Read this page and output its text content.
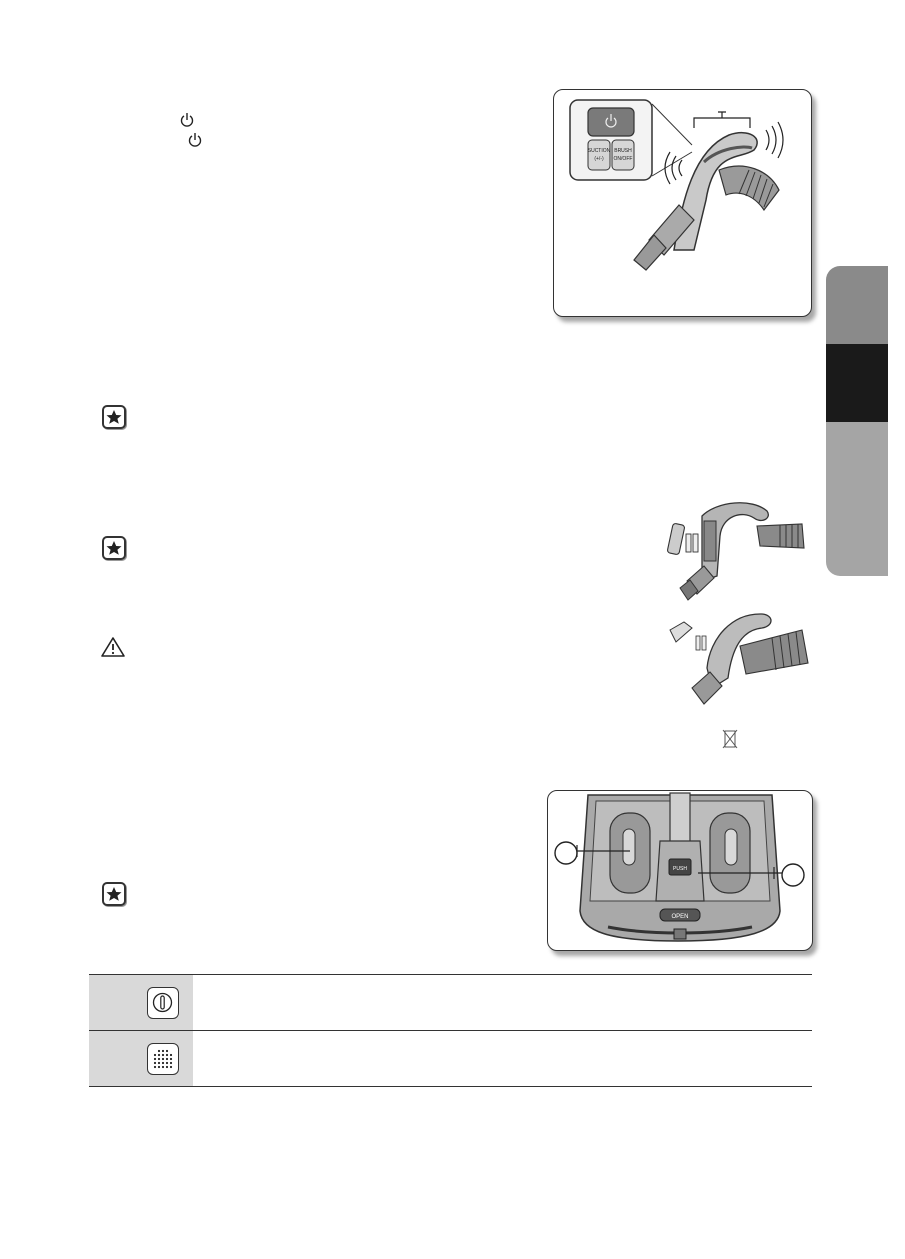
SUCTION
(+/-)
BRUSH
ON/OFF
PUSH
OPEN
